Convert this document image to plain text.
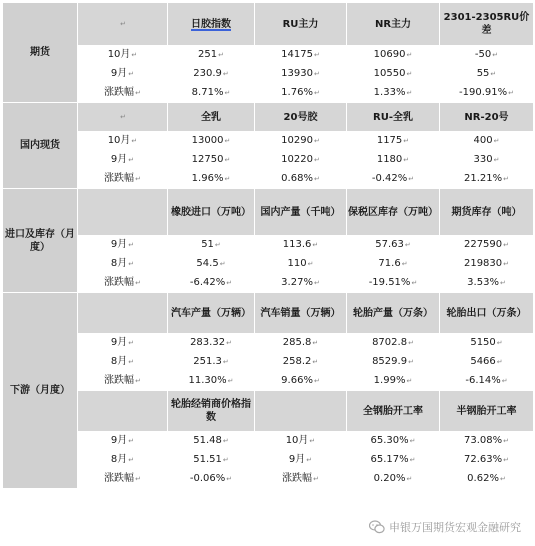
期货	↵	日胶指数	RU主力	NR主力	2301-2305RU价差
	10月↵	251↵	14175↵	10690↵	-50↵
	9月↵	230.9↵	13930↵	10550↵	55↵
	涨跌幅↵	8.71%↵	1.76%↵	1.33%↵	-190.91%↵
国内现货	↵	全乳	20号胶	RU-全乳	NR-20号
	10月↵	13000↵	10290↵	1175↵	400↵
	9月↵	12750↵	10220↵	1180↵	330↵
	涨跌幅↵	1.96%↵	0.68%↵	-0.42%↵	21.21%↵
进口及库存（月度）		橡胶进口（万吨）	国内产量（千吨）	保税区库存（万吨）	期货库存（吨）
	9月↵	51↵	113.6↵	57.63↵	227590↵
	8月↵	54.5↵	110↵	71.6↵	219830↵
	涨跌幅↵	-6.42%↵	3.27%↵	-19.51%↵	3.53%↵
下游（月度）		汽车产量（万辆）	汽车销量（万辆）	轮胎产量（万条）	轮胎出口（万条）
	9月↵	283.32↵	285.8↵	8702.8↵	5150↵
	8月↵	251.3↵	258.2↵	8529.9↵	5466↵
	涨跌幅↵	11.30%↵	9.66%↵	1.99%↵	-6.14%↵
		轮胎经销商价格指数		全钢胎开工率	半钢胎开工率
	9月↵	51.48↵	10月↵	65.30%↵	73.08%↵
	8月↵	51.51↵	9月↵	65.17%↵	72.63%↵
	涨跌幅↵	-0.06%↵	涨跌幅↵	0.20%↵	0.62%↵
申银万国期货宏观金融研究
